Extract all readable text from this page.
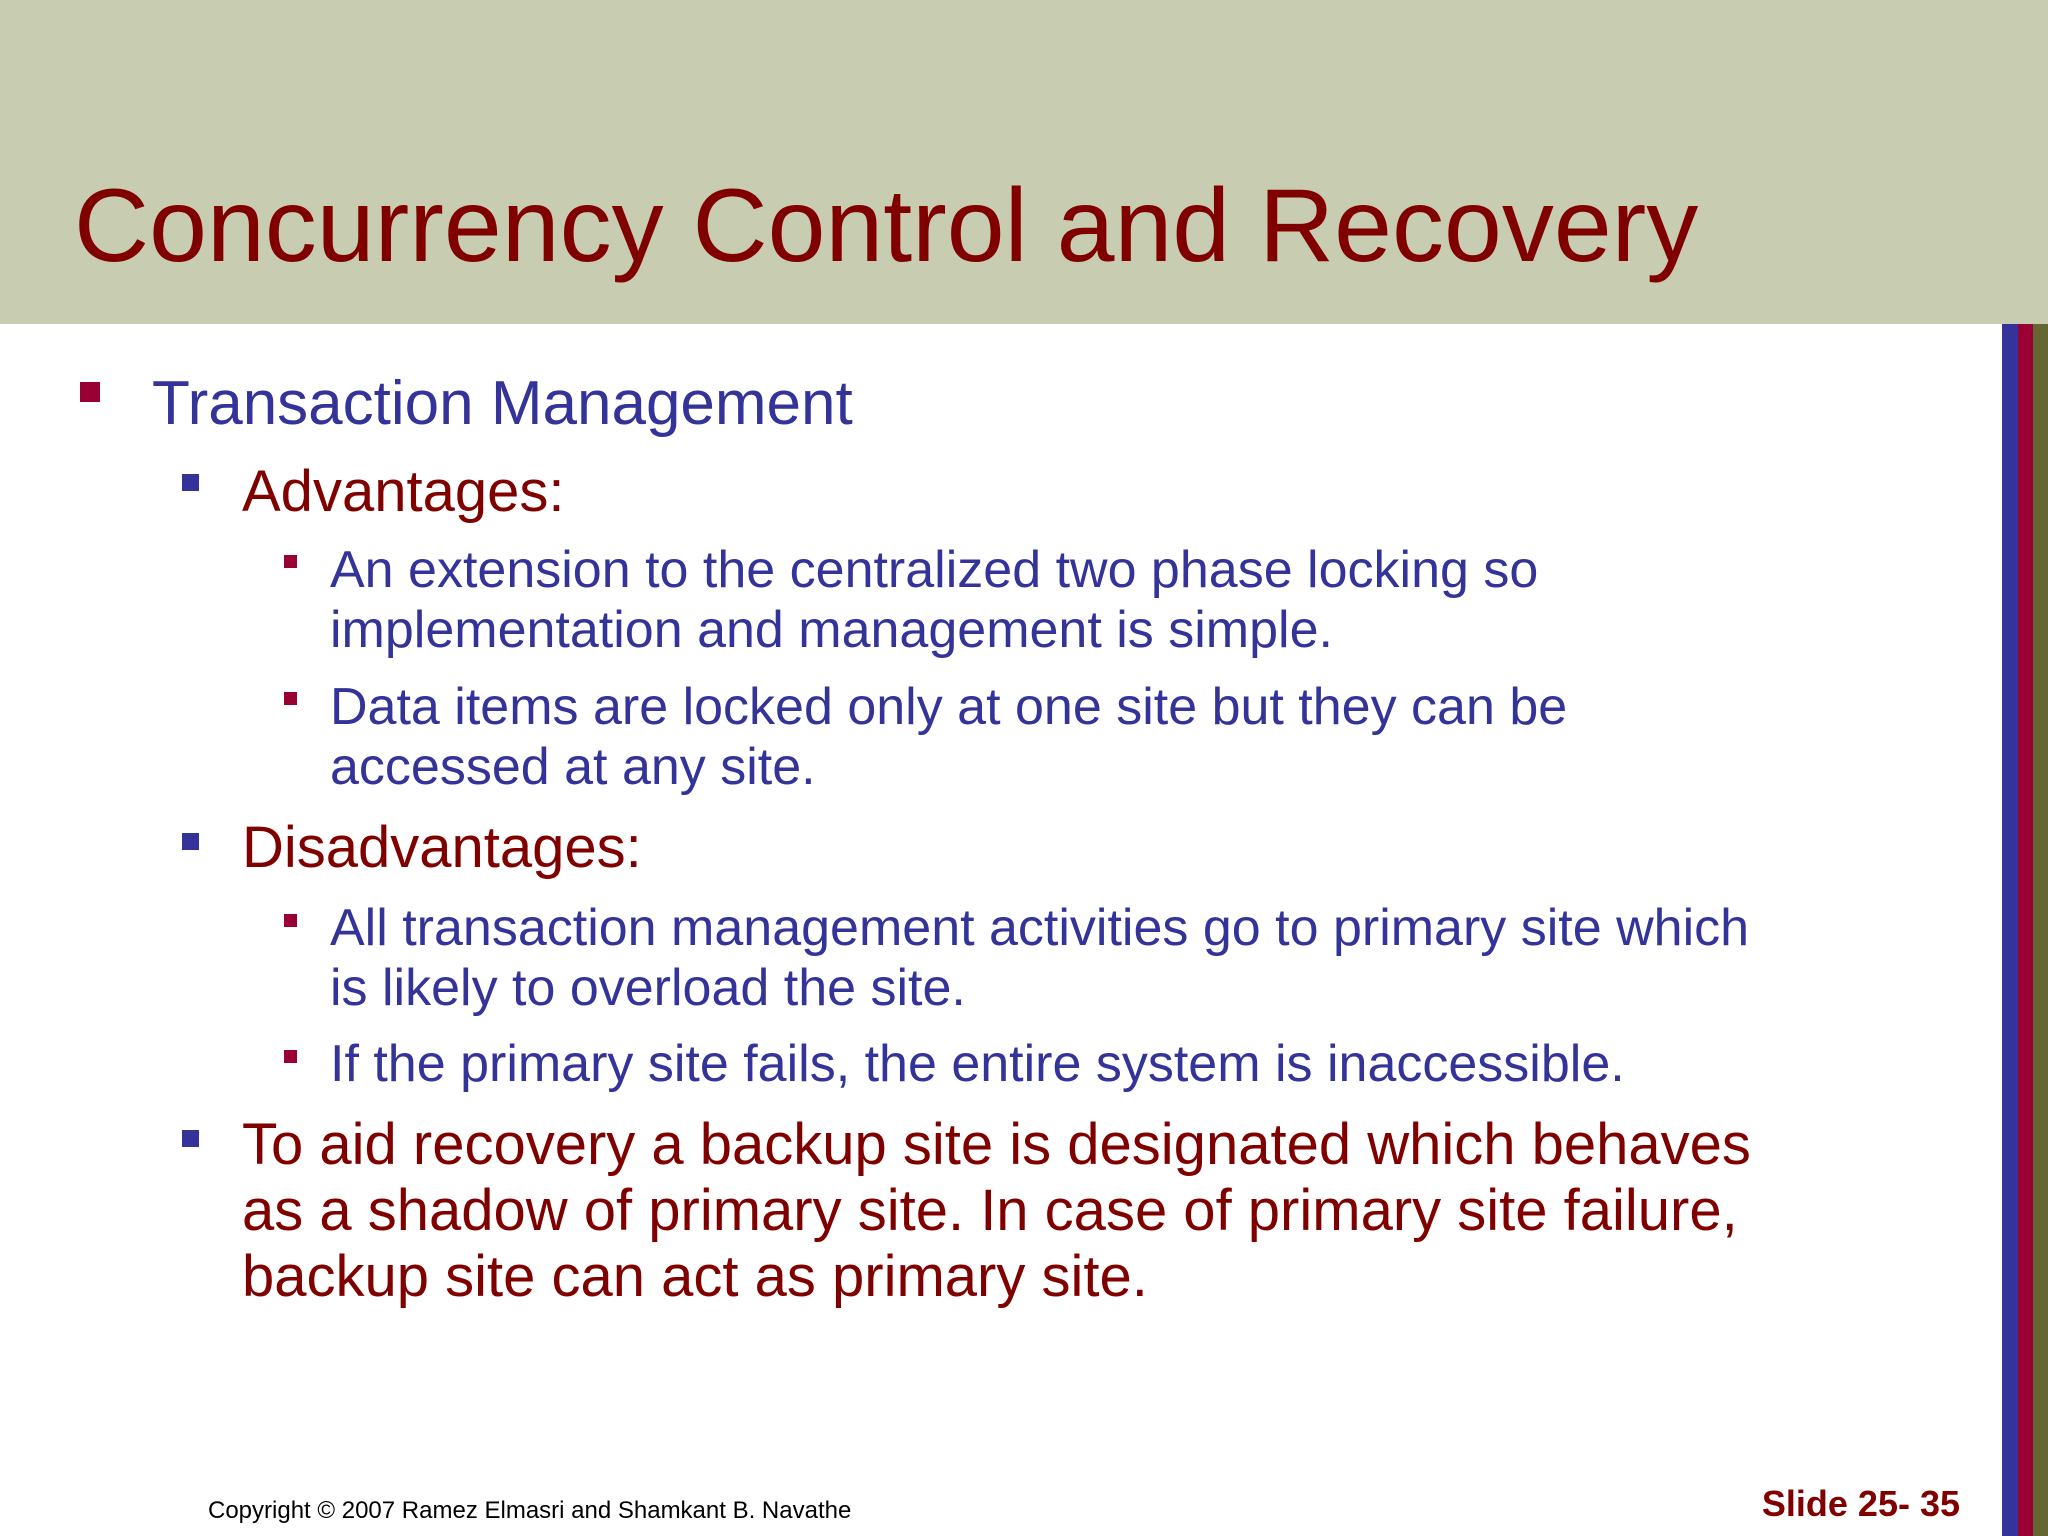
Concurrency Control and Recovery

Transaction Management

Advantages:

An extension to the centralized two phase locking so

implementation and management is simple.

Data items are locked only at one site but they can be

accessed at any site.

Disadvantages:

All transaction management activities go to primary site which

is likely to overload the site.

If the primary site fails, the entire system is inaccessible.

To aid recovery a backup site is designated which behaves

as a shadow of primary site. In case of primary site failure,

backup site can act as primary site.

Copyright © 2007 Ramez Elmasri and Shamkant B. Navathe	Slide 25- 35
